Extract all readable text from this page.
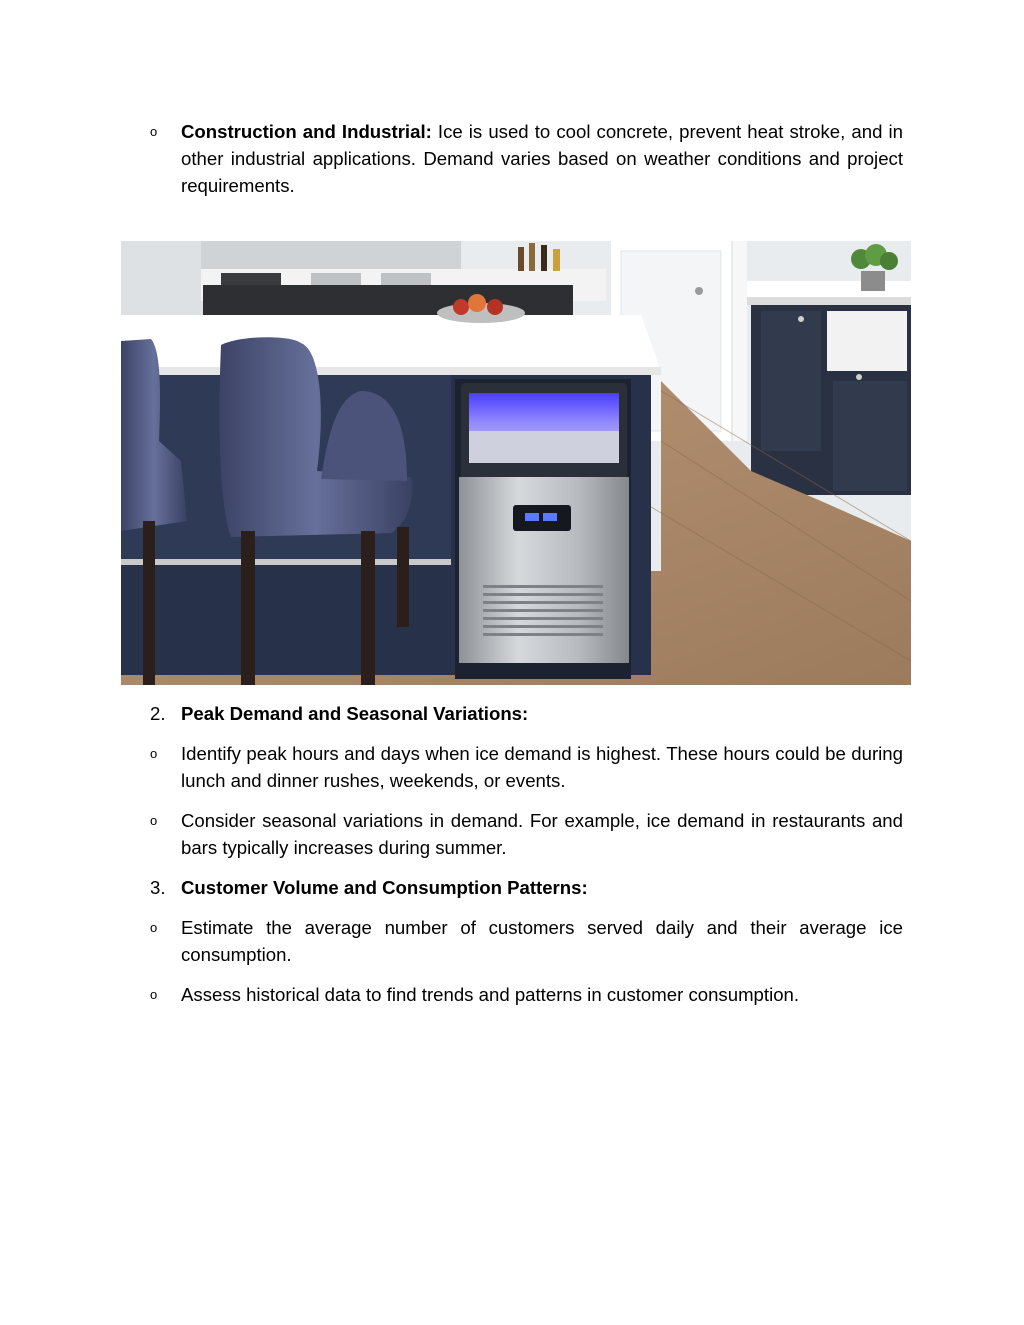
o Construction and Industrial: Ice is used to cool concrete, prevent heat stroke, and in other industrial applications. Demand varies based on weather conditions and project requirements.
2. Peak Demand and Seasonal Variations:
o Identify peak hours and days when ice demand is highest. These hours could be during lunch and dinner rushes, weekends, or events.
o Consider seasonal variations in demand. For example, ice demand in restaurants and bars typically increases during summer.
3. Customer Volume and Consumption Patterns:
o Estimate the average number of customers served daily and their average ice consumption.
o Assess historical data to find trends and patterns in customer consumption.
